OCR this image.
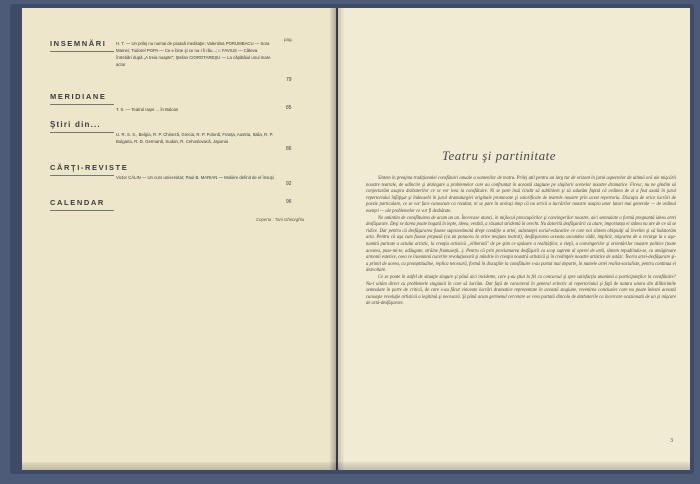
pag.
INSEMNĂRI H. T. — Un prilej nu numai de pioasă meditaţie; Valentina PORUMBACU — Sora Mamei; Tudorel POPA — Ce e bine şi ce nu-i fi rău...; I. FAVIUS — Câteva întrebări după „A treia noapte"; Ştefan CIOROTAREŞU — La căpătâiul unui mare actor
79
MERIDIANE
T. S. — Teatrul Iaşei ... în Balcan	85
Ştiri din...
U. R. S. S., Belgia, R. P. Chineză, Grecia, R. P. Polonă, Franţa, Austria, Italia, R. P. Bulgaria, R. D. Germană, Sudan, R. Cehoslovacă, Japonia
86
CĂRŢI-REVISTE
Victor CĂLIN — Un curs universitar; Paul B. MARIAN — Molière definit de el însuşi
92
CALENDAR	96
Coperta : Tani Gheorghiu
Teatru şi partinitate

Sîntem în preajma tradiţionalei consfătuiri anuale a oamenilor de teatru. Prilej util pentru un larg tur de orizont în jurul aspectelor de ultimă oră ale mişcării noastre teatrale, de adîncire şi dezlegare a problemelor care au confruntat în această stagiune pe slujitorii scenelor noastre dramatice. Firesc, nu ne gîndim să conjecturăm asupra dezbaterilor ce se vor ivea la consfătuire. Ni se pare însă cinstit să subliniem şi să salutăm faptul că ordinea de zi a fost axată în jurul repertoriului înfăţişat şi îndeosebi în jurul dramaturgiei originale promovate şi valorificate de teatrele noastre prin acest repertoriu. Discuţia de orice lucrări de poezie particulare, ce se vor face cunoscute ca rezultat, ni se pare în acelaşi timp că nu strică a lucrărilor noastre asupra unor laturi mai generale — de ordinul esenţei — ale problemelor ce vor fi dezbătute.

Ne amintim de consfătuirea de acum un an. Încercase atunci, în mijlocul preocupărilor şi convingerilor noastre, aici semnalate o formă pregnantă ideea artei desfăşurare. Deşi se dorea poate bogată în iepte, ideea, vestită, a răsunat stridentă în orecht. Nu datorită desfăşurării ca atare, importanţa ei stătea nu are de ce să se ridice. Dar pentru că desfăşurarea fusese supraestimată drept condiţie a artei, substanţei social-educative ce care noi sîntem obişnuiţi să învelim şi să îndatorăm arta. Pentru că aşa cum fusese propusă (ca un panaceu la orice neajuns teatral), desfăşurarea aceasta ascundea vădit, implicit, mişcarea de a recurge la o aşa-numită puritate a actului artistic, la creaţia artistică „eliberată" de pe ştim ce apăsare a realităţilor, a vieţii, a convingerilor şi orientărilor noastre politice (toate acestea, puse-mi-te, adăugate, străine frumuseţii...). Pentru că prin proclamarea desfăşurii ca scop suprem al operei de artă, sîntem repudiindu-se, cu amăgitoare armonii estetice, ceea ce înseamnă cucerire revoluţionară şi mîndrie în creaţia noastră artistică şi în credinţele noastre artistice de astăzi. Teoria artei-desfăşurare şi-a primit de aceea, cu promptitudine, replica necesară, formă în discuţiile la consfătuire s-au purtat mai departe, în numele artei realist-socialiste, pentru continua ei dezvoltare.

Ce se poate în astfel de situaţie singure şi până aici incidente, care ş-au ştiut la fel ca concursul şi spre satisfacţia unanimă a participanţilor la consfătuire? Nu-l uităm direct cu problemele stagiunii în care să lucrăm. Dar faţă de caracterul în general eclectic al repertoriului şi faţă de natura unora din dilibicimile semnalate în parte de critică, de care s-au făcut vinovate lucrări dramatice reprezentate în această stagiune, revenirea concluzier care nu poate înlesni această cunoaşte revoluţie artistică a legitimă şi necesară. Şi până acum germenul cercetare se vrea purtată dincolo de dezbaterile ca încercare ocazionată de un şi mişcare de artă-desfăşurare.

3
